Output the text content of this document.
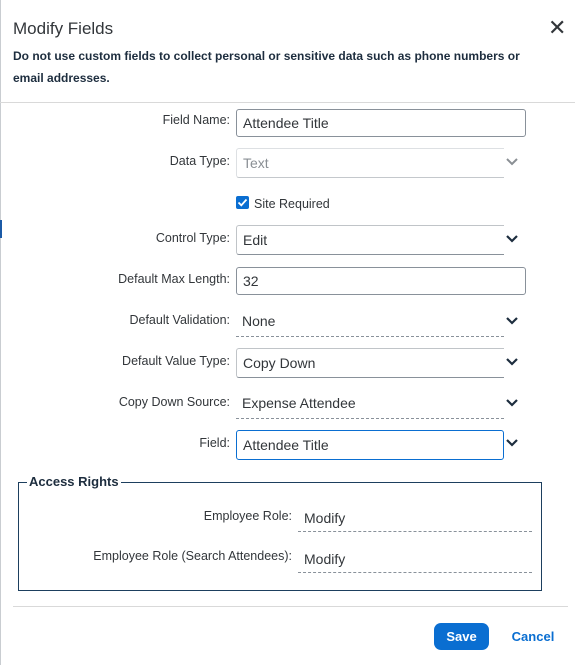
Modify Fields	✕
Do not use custom fields to collect personal or sensitive data such as phone numbers or email addresses.
Field Name:
Attendee Title
Data Type: Text
Site Required
Control Type: Edit
Default Max Length:
32
Default Validation: None
Default Value Type: Copy Down
Copy Down Source: Expense Attendee
Field: Attendee Title
Access Rights
Employee Role: Modify
Employee Role (Search Attendees): Modify
Save	Cancel
